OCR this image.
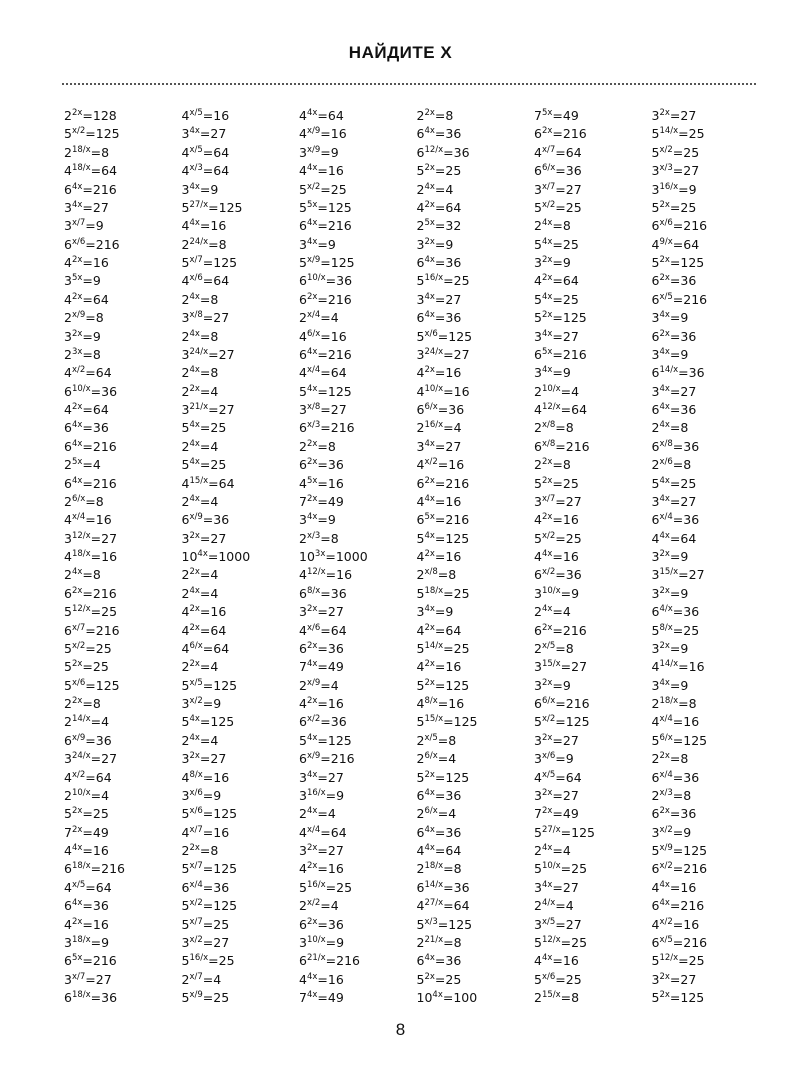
НАЙДИТЕ X
$2^{2x}=128$
$5^{x/2}=125$
$2^{18/x}=8$
$4^{18/x}=64$
$6^{4x}=216$
$3^{4x}=27$
$3^{x/7}=9$
$6^{x/6}=216$
$4^{2x}=16$
$3^{5x}=9$
$4^{2x}=64$
$2^{x/9}=8$
$3^{2x}=9$
$2^{3x}=8$
$4^{x/2}=64$
$6^{10/x}=36$
$4^{2x}=64$
$6^{4x}=36$
$6^{4x}=216$
$2^{5x}=4$
$6^{4x}=216$
$2^{6/x}=8$
$4^{x/4}=16$
$3^{12/x}=27$
$4^{18/x}=16$
$2^{4x}=8$
$6^{2x}=216$
$5^{12/x}=25$
$6^{x/7}=216$
$5^{x/2}=25$
$5^{2x}=25$
$5^{x/6}=125$
$2^{2x}=8$
$2^{14/x}=4$
$6^{x/9}=36$
$3^{24/x}=27$
$4^{x/2}=64$
$2^{10/x}=4$
$5^{2x}=25$
$7^{2x}=49$
$4^{4x}=16$
$6^{18/x}=216$
$4^{x/5}=64$
$6^{4x}=36$
$4^{2x}=16$
$3^{18/x}=9$
$6^{5x}=216$
$3^{x/7}=27$
$6^{18/x}=36$
$4^{x/5}=16$
$3^{4x}=27$
$4^{x/5}=64$
$4^{x/3}=64$
$3^{4x}=9$
$5^{27/x}=125$
$4^{4x}=16$
$2^{24/x}=8$
$5^{x/7}=125$
$4^{x/6}=64$
$2^{4x}=8$
$3^{x/8}=27$
$2^{4x}=8$
$3^{24/x}=27$
$2^{4x}=8$
$2^{2x}=4$
$3^{21/x}=27$
$5^{4x}=25$
$2^{4x}=4$
$5^{4x}=25$
$4^{15/x}=64$
$2^{4x}=4$
$6^{x/9}=36$
$3^{2x}=27$
$10^{4x}=1000$
$2^{2x}=4$
$2^{4x}=4$
$4^{2x}=16$
$4^{2x}=64$
$4^{6/x}=64$
$2^{2x}=4$
$5^{x/5}=125$
$3^{x/2}=9$
$5^{4x}=125$
$2^{4x}=4$
$3^{2x}=27$
$4^{8/x}=16$
$3^{x/6}=9$
$5^{x/6}=125$
$4^{x/7}=16$
$2^{2x}=8$
$5^{x/7}=125$
$6^{x/4}=36$
$5^{x/2}=125$
$5^{x/7}=25$
$3^{x/2}=27$
$5^{16/x}=25$
$2^{x/7}=4$
$5^{x/9}=25$
$4^{4x}=64$
$4^{x/9}=16$
$3^{x/9}=9$
$4^{4x}=16$
$5^{x/2}=25$
$5^{5x}=125$
$6^{4x}=216$
$3^{4x}=9$
$5^{x/9}=125$
$6^{10/x}=36$
$6^{2x}=216$
$2^{x/4}=4$
$4^{6/x}=16$
$6^{4x}=216$
$4^{x/4}=64$
$5^{4x}=125$
$3^{x/8}=27$
$6^{x/3}=216$
$2^{2x}=8$
$6^{2x}=36$
$4^{5x}=16$
$7^{2x}=49$
$3^{4x}=9$
$2^{x/3}=8$
$10^{3x}=1000$
$4^{12/x}=16$
$6^{8/x}=36$
$3^{2x}=27$
$4^{x/6}=64$
$6^{2x}=36$
$7^{4x}=49$
$2^{x/9}=4$
$4^{2x}=16$
$6^{x/2}=36$
$5^{4x}=125$
$6^{x/9}=216$
$3^{4x}=27$
$3^{16/x}=9$
$2^{4x}=4$
$4^{x/4}=64$
$3^{2x}=27$
$4^{2x}=16$
$5^{16/x}=25$
$2^{x/2}=4$
$6^{2x}=36$
$3^{10/x}=9$
$6^{21/x}=216$
$4^{4x}=16$
$7^{4x}=49$
$2^{2x}=8$
$6^{4x}=36$
$6^{12/x}=36$
$5^{2x}=25$
$2^{4x}=4$
$4^{2x}=64$
$2^{5x}=32$
$3^{2x}=9$
$6^{4x}=36$
$5^{16/x}=25$
$3^{4x}=27$
$6^{4x}=36$
$5^{x/6}=125$
$3^{24/x}=27$
$4^{2x}=16$
$4^{10/x}=16$
$6^{6/x}=36$
$2^{16/x}=4$
$3^{4x}=27$
$4^{x/2}=16$
$6^{2x}=216$
$4^{4x}=16$
$6^{5x}=216$
$5^{4x}=125$
$4^{2x}=16$
$2^{x/8}=8$
$5^{18/x}=25$
$3^{4x}=9$
$4^{2x}=64$
$5^{14/x}=25$
$4^{2x}=16$
$5^{2x}=125$
$4^{8/x}=16$
$5^{15/x}=125$
$2^{x/5}=8$
$2^{6/x}=4$
$5^{2x}=125$
$6^{4x}=36$
$2^{6/x}=4$
$6^{4x}=36$
$4^{4x}=64$
$2^{18/x}=8$
$6^{14/x}=36$
$4^{27/x}=64$
$5^{x/3}=125$
$2^{21/x}=8$
$6^{4x}=36$
$5^{2x}=25$
$10^{4x}=100$
$7^{5x}=49$
$6^{2x}=216$
$4^{x/7}=64$
$6^{6/x}=36$
$3^{x/7}=27$
$5^{x/2}=25$
$2^{4x}=8$
$5^{4x}=25$
$3^{2x}=9$
$4^{2x}=64$
$5^{4x}=25$
$5^{2x}=125$
$3^{4x}=27$
$6^{5x}=216$
$3^{4x}=9$
$2^{10/x}=4$
$4^{12/x}=64$
$2^{x/8}=8$
$6^{x/8}=216$
$2^{2x}=8$
$5^{2x}=25$
$3^{x/7}=27$
$4^{2x}=16$
$5^{x/2}=25$
$4^{4x}=16$
$6^{x/2}=36$
$3^{10/x}=9$
$2^{4x}=4$
$6^{2x}=216$
$2^{x/5}=8$
$3^{15/x}=27$
$3^{2x}=9$
$6^{6/x}=216$
$5^{x/2}=125$
$3^{2x}=27$
$3^{x/6}=9$
$4^{x/5}=64$
$3^{2x}=27$
$7^{2x}=49$
$5^{27/x}=125$
$2^{4x}=4$
$5^{10/x}=25$
$3^{4x}=27$
$2^{4/x}=4$
$3^{x/5}=27$
$5^{12/x}=25$
$4^{4x}=16$
$5^{x/6}=25$
$2^{15/x}=8$
$3^{2x}=27$
$5^{14/x}=25$
$5^{x/2}=25$
$3^{x/3}=27$
$3^{16/x}=9$
$5^{2x}=25$
$6^{x/6}=216$
$4^{9/x}=64$
$5^{2x}=125$
$6^{2x}=36$
$6^{x/5}=216$
$3^{4x}=9$
$6^{2x}=36$
$3^{4x}=9$
$6^{14/x}=36$
$3^{4x}=27$
$6^{4x}=36$
$2^{4x}=8$
$6^{x/8}=36$
$2^{x/6}=8$
$5^{4x}=25$
$3^{4x}=27$
$6^{x/4}=36$
$4^{4x}=64$
$3^{2x}=9$
$3^{15/x}=27$
$3^{2x}=9$
$6^{4/x}=36$
$5^{8/x}=25$
$3^{2x}=9$
$4^{14/x}=16$
$3^{4x}=9$
$2^{18/x}=8$
$4^{x/4}=16$
$5^{6/x}=125$
$2^{2x}=8$
$6^{x/4}=36$
$2^{x/3}=8$
$6^{2x}=36$
$3^{x/2}=9$
$5^{x/9}=125$
$6^{x/2}=216$
$4^{4x}=16$
$6^{4x}=216$
$4^{x/2}=16$
$6^{x/5}=216$
$5^{12/x}=25$
$3^{2x}=27$
$5^{2x}=125$
8
